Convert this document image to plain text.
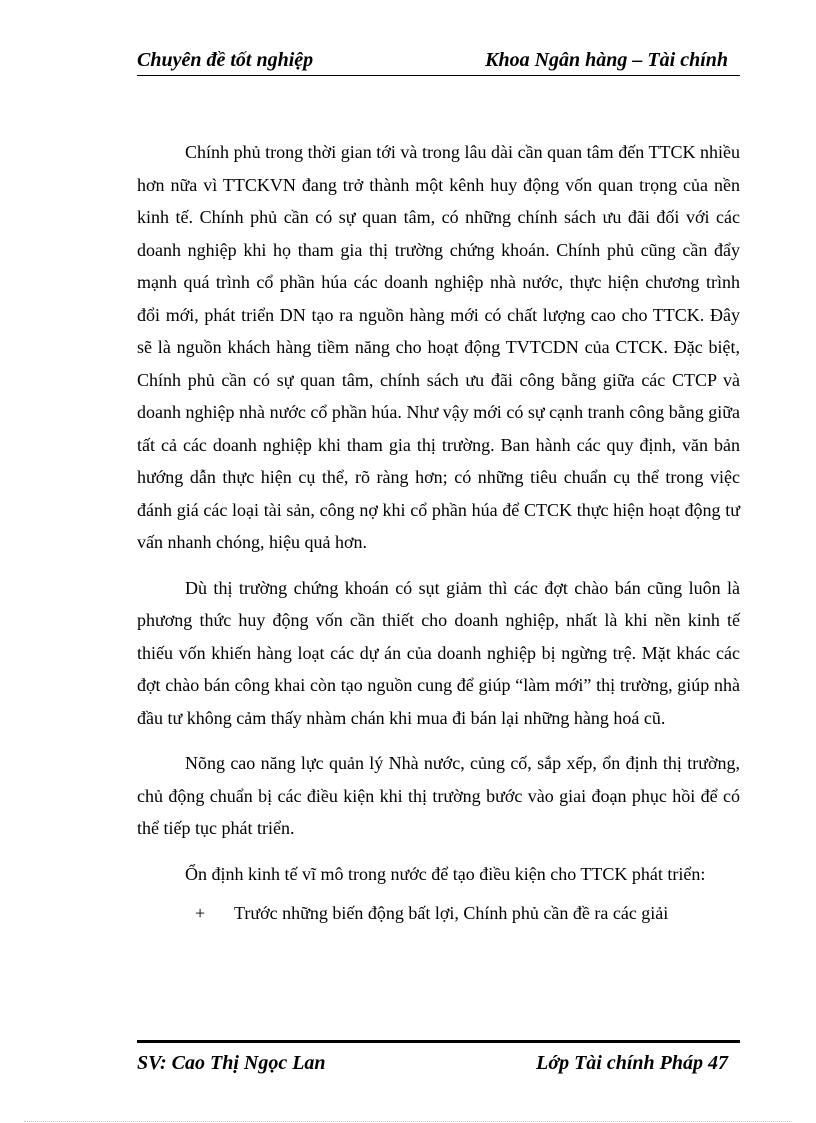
Chuyên đề tốt nghiệp	Khoa Ngân hàng – Tài chính

Chính phủ trong thời gian tới và trong lâu dài cần quan tâm đến TTCK nhiều hơn nữa vì TTCKVN đang trở thành một kênh huy động vốn quan trọng của nền kinh tế. Chính phủ cần có sự quan tâm, có những chính sách ưu đãi đối với các doanh nghiệp khi họ tham gia thị trường chứng khoán. Chính phủ cũng cần đẩy mạnh quá trình cổ phần húa các doanh nghiệp nhà nước, thực hiện chương trình đổi mới, phát triển DN tạo ra nguồn hàng mới có chất lượng cao cho TTCK. Đây sẽ là nguồn khách hàng tiềm năng cho hoạt động TVTCDN của CTCK. Đặc biệt, Chính phủ cần có sự quan tâm, chính sách ưu đãi công bằng giữa các CTCP và doanh nghiệp nhà nước cổ phần húa. Như vậy mới có sự cạnh tranh công bằng giữa tất cả các doanh nghiệp khi tham gia thị trường. Ban hành các quy định, văn bản hướng dẫn thực hiện cụ thể, rõ ràng hơn; có những tiêu chuẩn cụ thể trong việc đánh giá các loại tài sản, công nợ khi cổ phần húa để CTCK thực hiện hoạt động tư vấn nhanh chóng, hiệu quả hơn.

Dù thị trường chứng khoán có sụt giảm thì các đợt chào bán cũng luôn là phương thức huy động vốn cần thiết cho doanh nghiệp, nhất là khi nền kinh tế thiếu vốn khiến hàng loạt các dự án của doanh nghiệp bị ngừng trệ. Mặt khác các đợt chào bán công khai còn tạo nguồn cung để giúp “làm mới” thị trường, giúp nhà đầu tư không cảm thấy nhàm chán khi mua đi bán lại những hàng hoá cũ.

Nõng cao năng lực quản lý Nhà nước, củng cố, sắp xếp, ổn định thị trường, chủ động chuẩn bị các điều kiện khi thị trường bước vào giai đoạn phục hồi để có thể tiếp tục phát triển.

Ổn định kinh tế vĩ mô trong nước để tạo điều kiện cho TTCK phát triển:

+ Trước những biến động bất lợi, Chính phủ cần đề ra các giải
SV: Cao Thị Ngọc Lan	Lớp Tài chính Pháp 47
